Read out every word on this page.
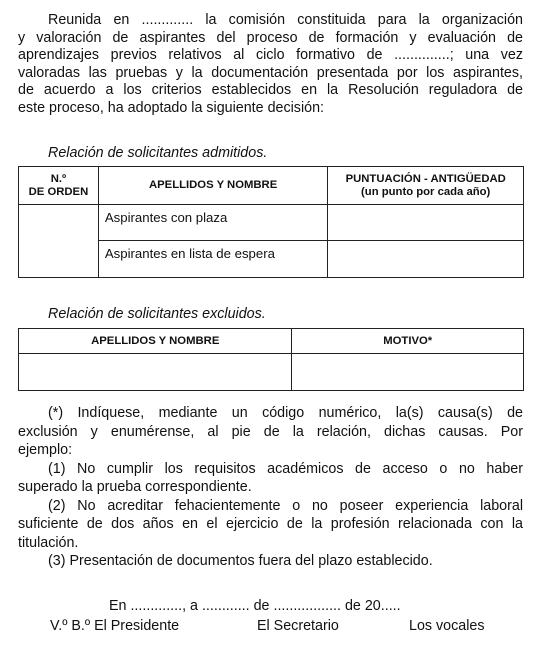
Reunida en ............. la comisión constituida para la organización
y valoración de aspirantes del proceso de formación y evaluación de
aprendizajes previos relativos al ciclo formativo de ..............; una vez
valoradas las pruebas y la documentación presentada por los aspirantes,
de acuerdo a los criterios establecidos en la Resolución reguladora de
este proceso, ha adoptado la siguiente decisión:
Relación de solicitantes admitidos.
N.º
DE ORDEN	APELLIDOS Y NOMBRE	PUNTUACIÓN - ANTIGÜEDAD
(un punto por cada año)
	Aspirantes con plaza	
	Aspirantes en lista de espera	
Relación de solicitantes excluidos.
APELLIDOS Y NOMBRE	MOTIVO*

(*) Indíquese, mediante un código numérico, la(s) causa(s) de
exclusión y enumérense, al pie de la relación, dichas causas. Por
ejemplo:
(1) No cumplir los requisitos académicos de acceso o no haber
superado la prueba correspondiente.
(2) No acreditar fehacientemente o no poseer experiencia laboral
suficiente de dos años en el ejercicio de la profesión relacionada con la
titulación.
(3) Presentación de documentos fuera del plazo establecido.
En ............., a ............ de ................. de 20.....
V.º B.º El Presidente	El Secretario	Los vocales
